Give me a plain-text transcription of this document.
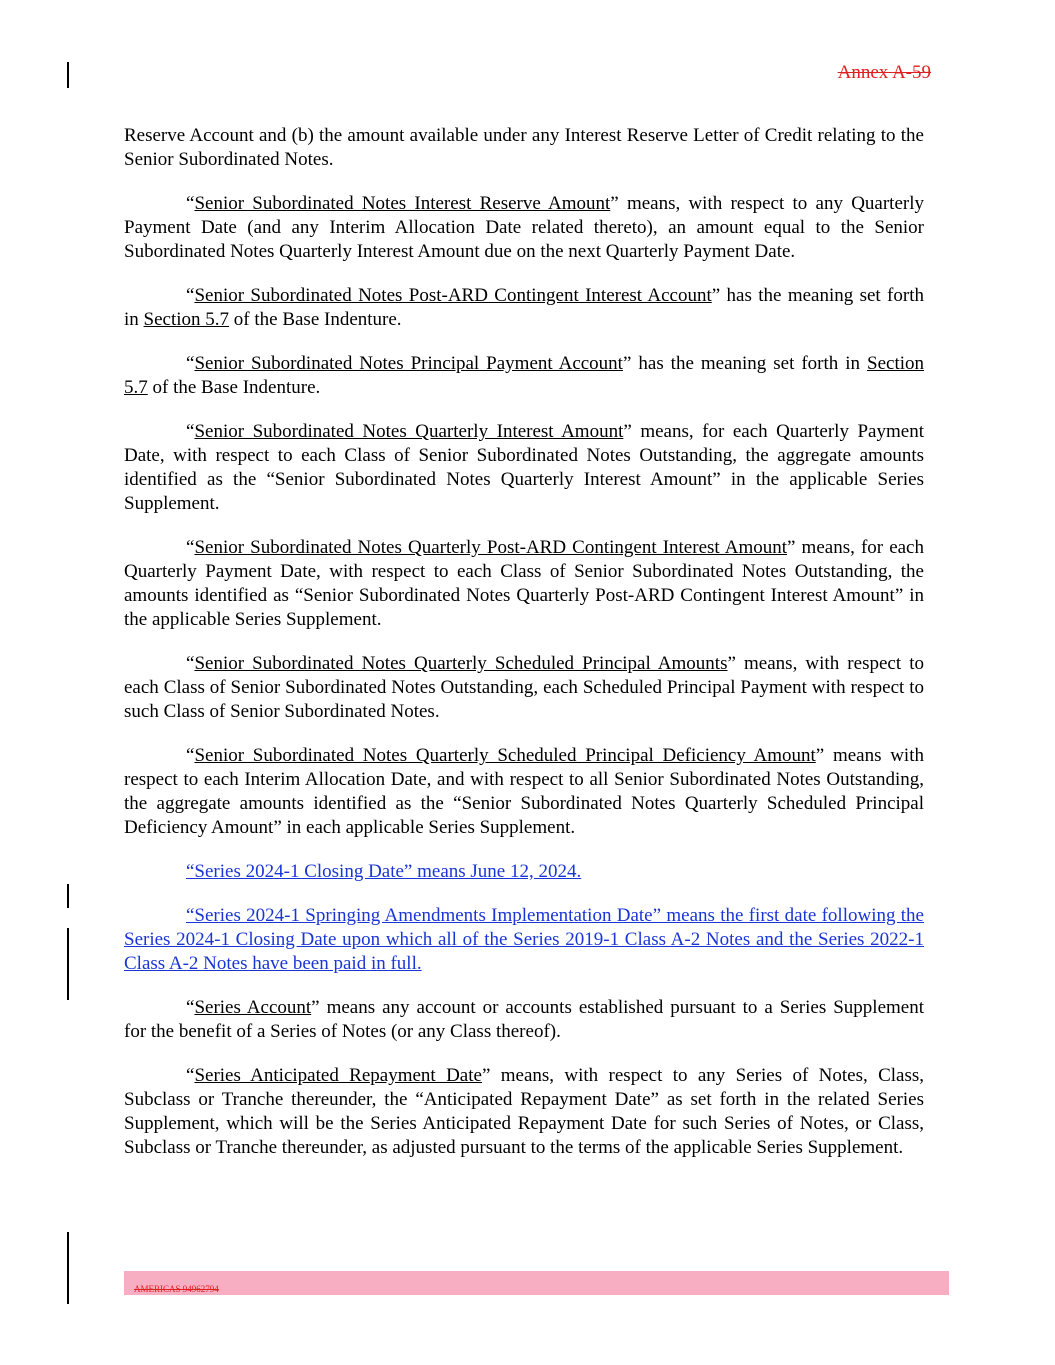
Annex A-59

Reserve Account and (b) the amount available under any Interest Reserve Letter of Credit relating to the Senior Subordinated Notes.

“Senior Subordinated Notes Interest Reserve Amount” means, with respect to any Quarterly Payment Date (and any Interim Allocation Date related thereto), an amount equal to the Senior Subordinated Notes Quarterly Interest Amount due on the next Quarterly Payment Date.

“Senior Subordinated Notes Post-ARD Contingent Interest Account” has the meaning set forth in Section 5.7 of the Base Indenture.

“Senior Subordinated Notes Principal Payment Account” has the meaning set forth in Section 5.7 of the Base Indenture.

“Senior Subordinated Notes Quarterly Interest Amount” means, for each Quarterly Payment Date, with respect to each Class of Senior Subordinated Notes Outstanding, the aggregate amounts identified as the “Senior Subordinated Notes Quarterly Interest Amount” in the applicable Series Supplement.

“Senior Subordinated Notes Quarterly Post-ARD Contingent Interest Amount” means, for each Quarterly Payment Date, with respect to each Class of Senior Subordinated Notes Outstanding, the amounts identified as “Senior Subordinated Notes Quarterly Post-ARD Contingent Interest Amount” in the applicable Series Supplement.

“Senior Subordinated Notes Quarterly Scheduled Principal Amounts” means, with respect to each Class of Senior Subordinated Notes Outstanding, each Scheduled Principal Payment with respect to such Class of Senior Subordinated Notes.

“Senior Subordinated Notes Quarterly Scheduled Principal Deficiency Amount” means with respect to each Interim Allocation Date, and with respect to all Senior Subordinated Notes Outstanding, the aggregate amounts identified as the “Senior Subordinated Notes Quarterly Scheduled Principal Deficiency Amount” in each applicable Series Supplement.

“Series 2024-1 Closing Date” means June 12, 2024.

“Series 2024-1 Springing Amendments Implementation Date” means the first date following the Series 2024-1 Closing Date upon which all of the Series 2019-1 Class A-2 Notes and the Series 2022-1 Class A-2 Notes have been paid in full.

“Series Account” means any account or accounts established pursuant to a Series Supplement for the benefit of a Series of Notes (or any Class thereof).

“Series Anticipated Repayment Date” means, with respect to any Series of Notes, Class, Subclass or Tranche thereunder, the “Anticipated Repayment Date” as set forth in the related Series Supplement, which will be the Series Anticipated Repayment Date for such Series of Notes, or Class, Subclass or Tranche thereunder, as adjusted pursuant to the terms of the applicable Series Supplement.

AMERICAS 94962794
